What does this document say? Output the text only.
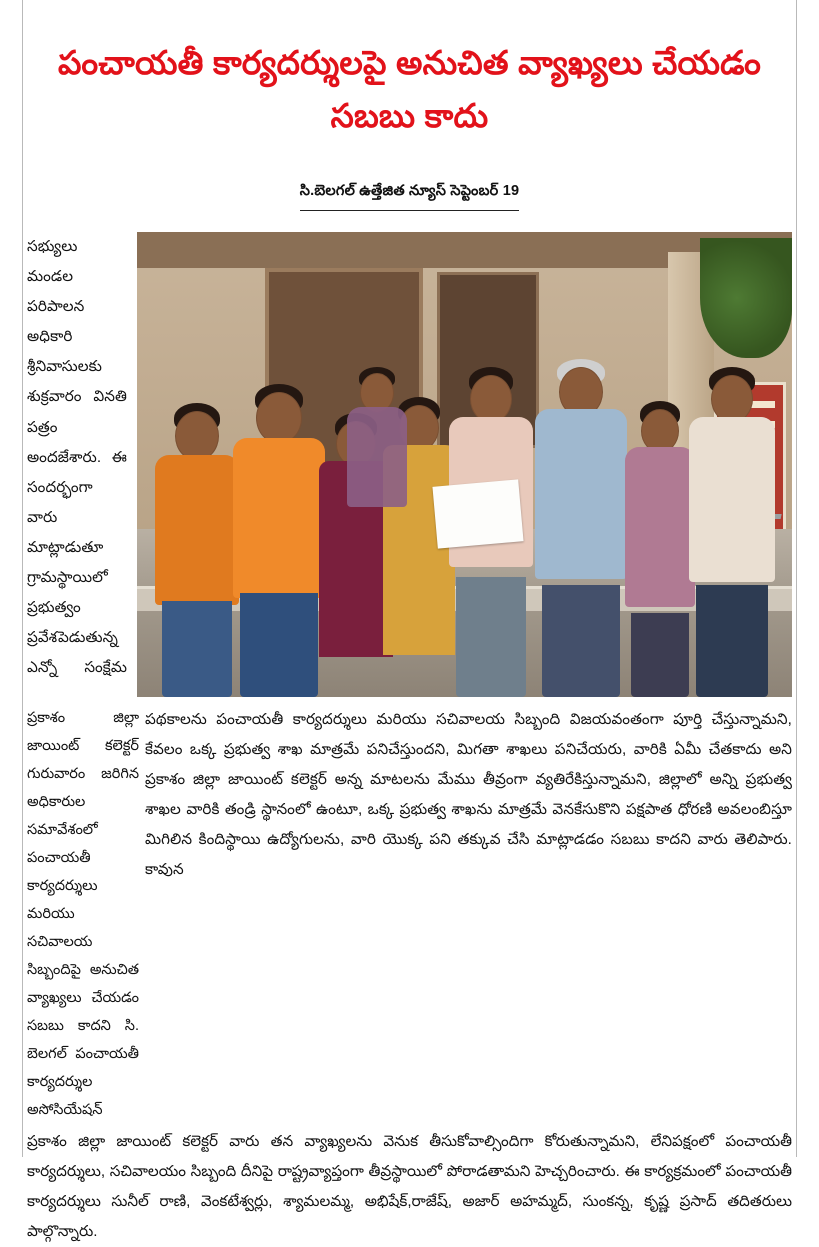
పంచాయతీ కార్యదర్శులపై అనుచిత వ్యాఖ్యలు చేయడం సబబు కాదు
సి.బెలగల్ ఉత్తేజిత న్యూస్ సెప్టెంబర్ 19
ప్రకాశం జిల్లా జాయింట్ కలెక్టర్ గురువారం జరిగిన అధికారుల సమావేశంలో పంచాయతీ కార్యదర్శులు మరియు సచివాలయ సిబ్బందిపై అనుచిత వ్యాఖ్యలు చేయడం సబబు కాదని సి. బెలగల్ పంచాయతీ కార్యదర్శుల అసోసియేషన్

సభ్యులు మండల పరిపాలన అధికారి శ్రీనివాసులకు శుక్రవారం వినతి పత్రం అందజేశారు. ఈ సందర్భంగా వారు మాట్లాడుతూ గ్రామస్థాయిలో ప్రభుత్వం ప్రవేశపెడుతున్న ఎన్నో సంక్షేమ పథకాలను పంచాయతీ కార్యదర్శులు మరియు సచివాలయ సిబ్బంది విజయవంతంగా పూర్తి చేస్తున్నామని, కేవలం ఒక్క ప్రభుత్వ శాఖ మాత్రమే పనిచేస్తుందని, మిగతా శాఖలు పనిచేయరు, వారికి ఏమీ చేతకాదు అని ప్రకాశం జిల్లా జాయింట్ కలెక్టర్ అన్న మాటలను మేము తీవ్రంగా వ్యతిరేకిస్తున్నామని, జిల్లాలో అన్ని ప్రభుత్వ శాఖల వారికి తండ్రి స్థానంలో ఉంటూ, ఒక్క ప్రభుత్వ శాఖను మాత్రమే వెనకేసుకొని పక్షపాత ధోరణి అవలంబిస్తూ మిగిలిన కిందిస్థాయి ఉద్యోగులను, వారి యొక్క పని తక్కువ చేసి మాట్లాడడం సబబు కాదని వారు తెలిపారు. కావున

ప్రకాశం జిల్లా జాయింట్ కలెక్టర్ వారు తన వ్యాఖ్యలను వెనుక తీసుకోవాల్సిందిగా కోరుతున్నామని, లేనిపక్షంలో పంచాయతీ కార్యదర్శులు, సచివాలయం సిబ్బంది దీనిపై రాష్ట్రవ్యాప్తంగా తీవ్రస్థాయిలో పోరాడతామని హెచ్చరించారు. ఈ కార్యక్రమంలో పంచాయతీ కార్యదర్శులు సునీల్ రాణి, వెంకటేశ్వర్లు, శ్యామలమ్మ, అభిషేక్,రాజేష్, అజార్ అహమ్మద్, సుంకన్న, కృష్ణ ప్రసాద్ తదితరులు పాల్గొన్నారు.
